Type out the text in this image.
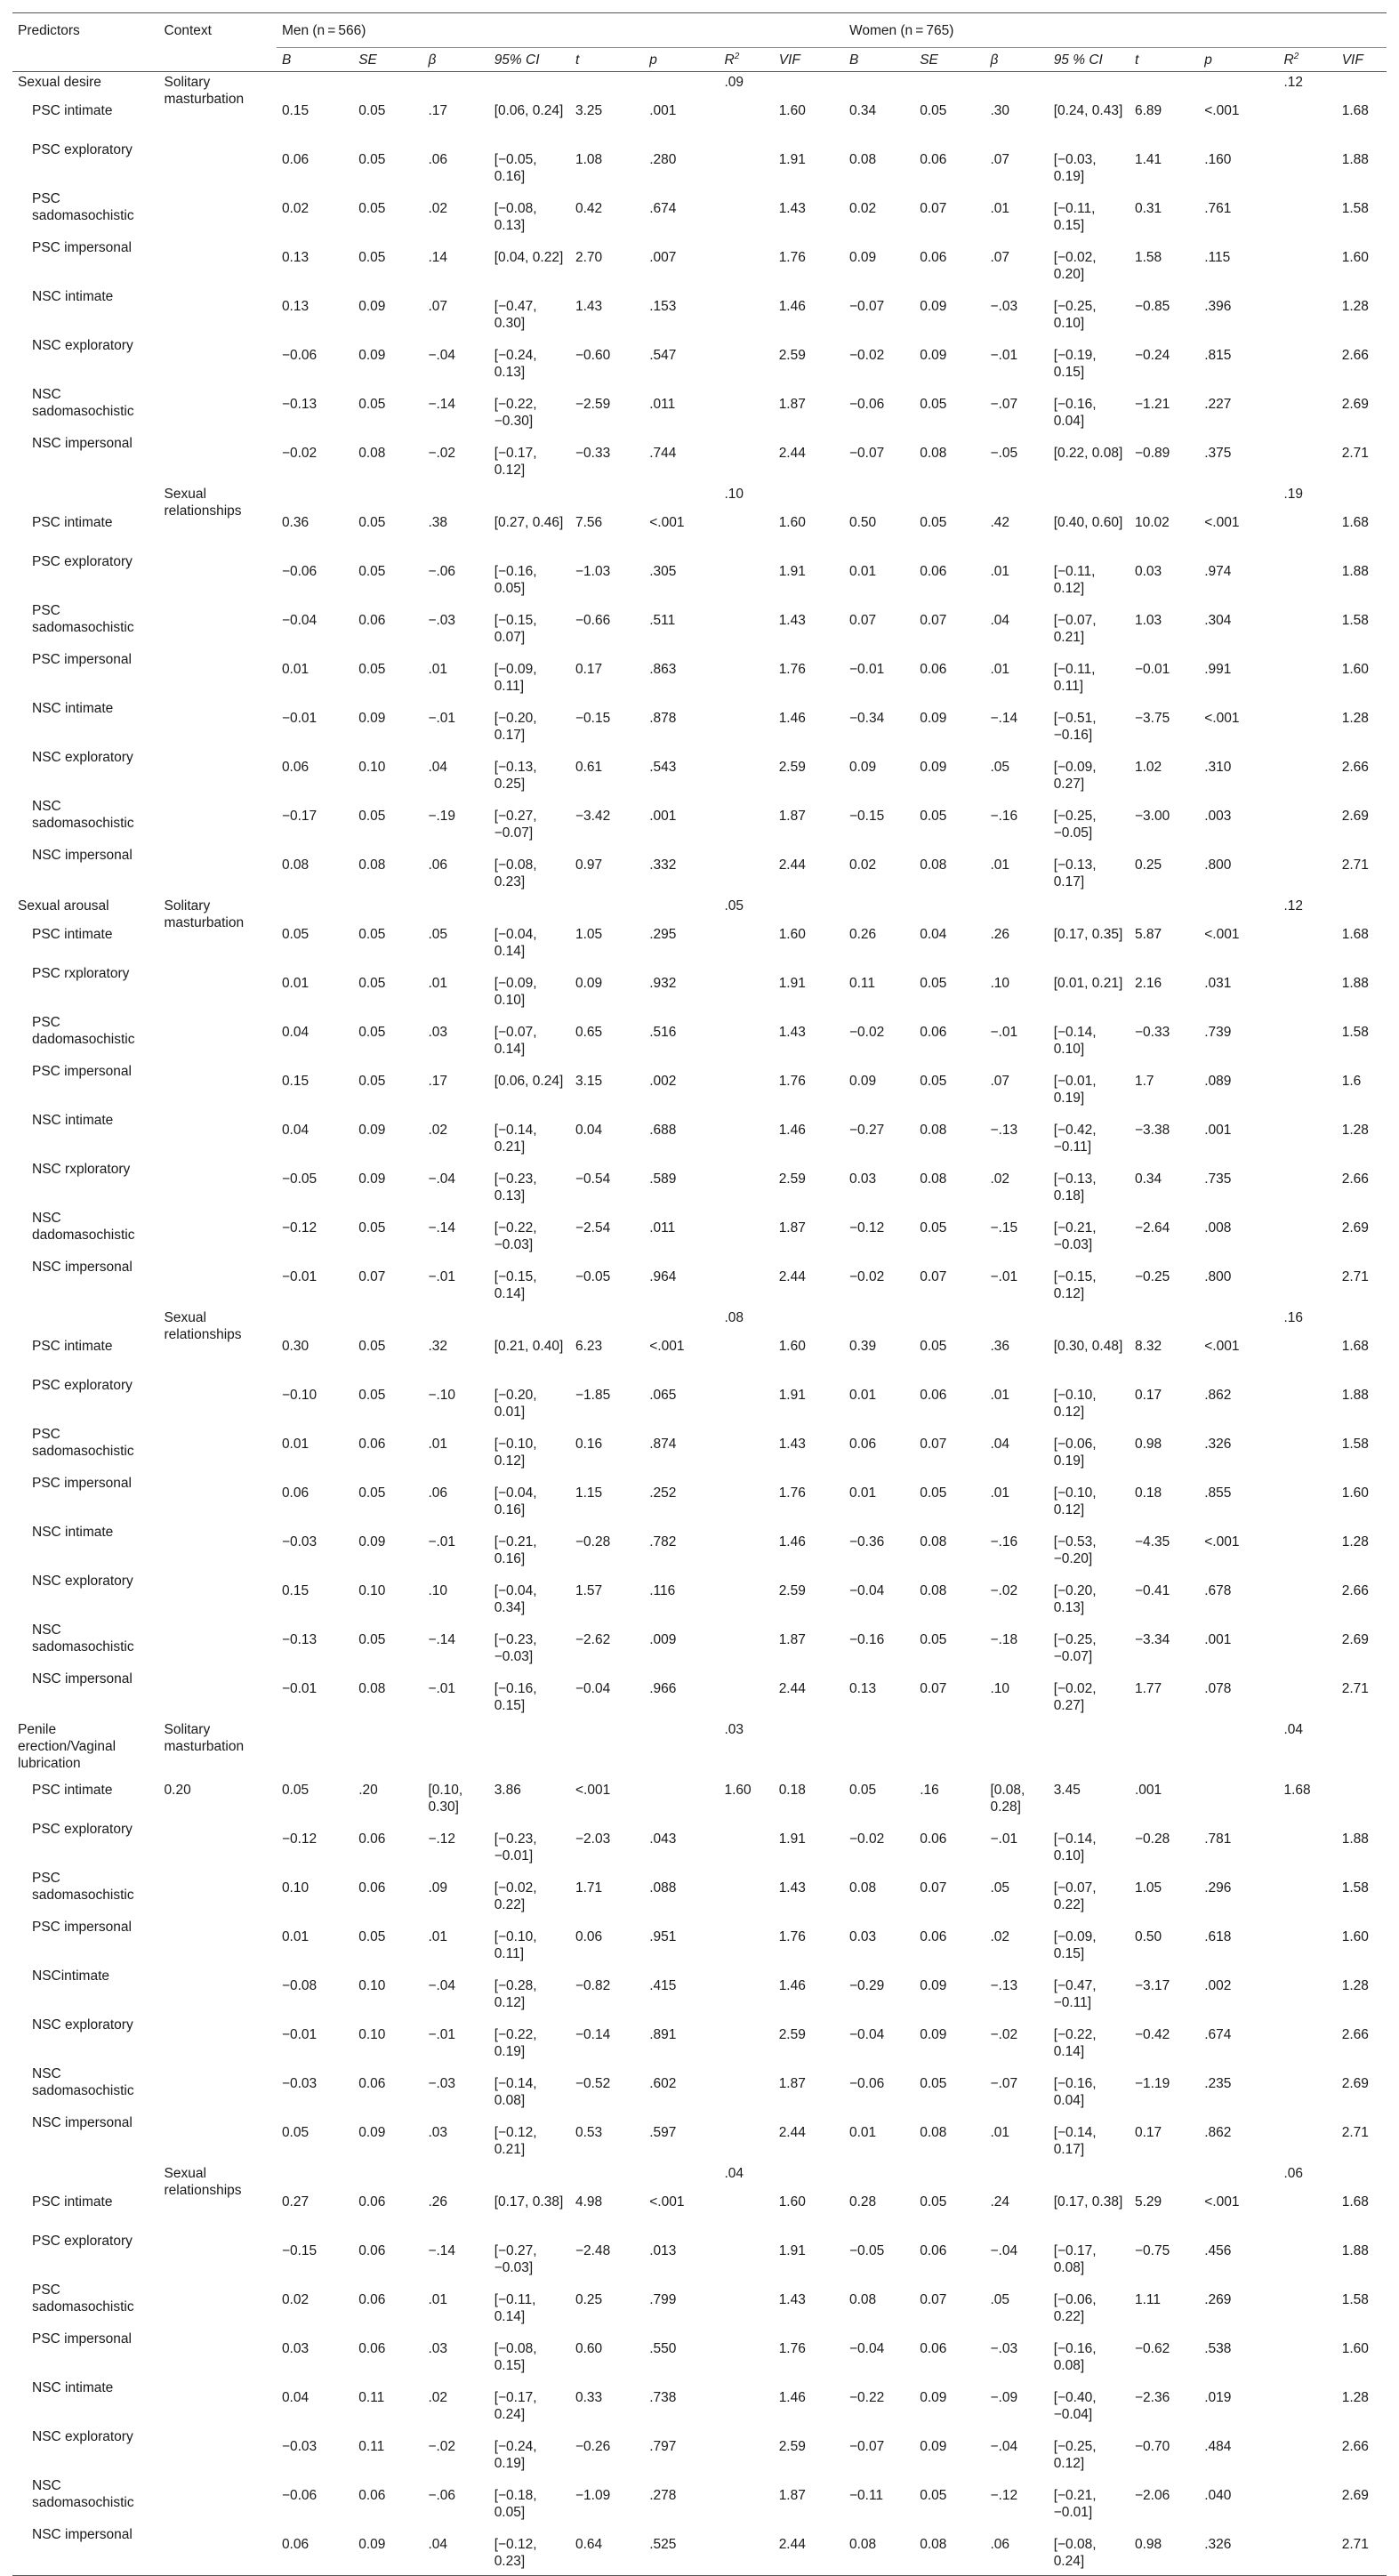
Predictors	Context	Men (n = 566)								Women (n = 765)							
		B	SE	β	95% CI	t	p	$R^2$	VIF	B	SE	β	95 % CI	t	p	$R^2$	VIF
Sexual desire	Solitary masturbation							.09								.12	
PSC intimate		0.15	0.05	.17	[0.06, 0.24]	3.25	.001		1.60	0.34	0.05	.30	[0.24, 0.43]	6.89	<.001		1.68
PSC exploratory		0.06	0.05	.06	[−0.05, 0.16]	1.08	.280		1.91	0.08	0.06	.07	[−0.03, 0.19]	1.41	.160		1.88
PSC sadomasochistic		0.02	0.05	.02	[−0.08, 0.13]	0.42	.674		1.43	0.02	0.07	.01	[−0.11, 0.15]	0.31	.761		1.58
PSC impersonal		0.13	0.05	.14	[0.04, 0.22]	2.70	.007		1.76	0.09	0.06	.07	[−0.02, 0.20]	1.58	.115		1.60
NSC intimate		0.13	0.09	.07	[−0.47, 0.30]	1.43	.153		1.46	−0.07	0.09	−.03	[−0.25, 0.10]	−0.85	.396		1.28
NSC exploratory		−0.06	0.09	−.04	[−0.24, 0.13]	−0.60	.547		2.59	−0.02	0.09	−.01	[−0.19, 0.15]	−0.24	.815		2.66
NSC sadomasochistic		−0.13	0.05	−.14	[−0.22, −0.30]	−2.59	.011		1.87	−0.06	0.05	−.07	[−0.16, 0.04]	−1.21	.227		2.69
NSC impersonal		−0.02	0.08	−.02	[−0.17, 0.12]	−0.33	.744		2.44	−0.07	0.08	−.05	[0.22, 0.08]	−0.89	.375		2.71
	Sexual relationships							.10								.19	
PSC intimate		0.36	0.05	.38	[0.27, 0.46]	7.56	<.001		1.60	0.50	0.05	.42	[0.40, 0.60]	10.02	<.001		1.68
PSC exploratory		−0.06	0.05	−.06	[−0.16, 0.05]	−1.03	.305		1.91	0.01	0.06	.01	[−0.11, 0.12]	0.03	.974		1.88
PSC sadomasochistic		−0.04	0.06	−.03	[−0.15, 0.07]	−0.66	.511		1.43	0.07	0.07	.04	[−0.07, 0.21]	1.03	.304		1.58
PSC impersonal		0.01	0.05	.01	[−0.09, 0.11]	0.17	.863		1.76	−0.01	0.06	.01	[−0.11, 0.11]	−0.01	.991		1.60
NSC intimate		−0.01	0.09	−.01	[−0.20, 0.17]	−0.15	.878		1.46	−0.34	0.09	−.14	[−0.51, −0.16]	−3.75	<.001		1.28
NSC exploratory		0.06	0.10	.04	[−0.13, 0.25]	0.61	.543		2.59	0.09	0.09	.05	[−0.09, 0.27]	1.02	.310		2.66
NSC sadomasochistic		−0.17	0.05	−.19	[−0.27, −0.07]	−3.42	.001		1.87	−0.15	0.05	−.16	[−0.25, −0.05]	−3.00	.003		2.69
NSC impersonal		0.08	0.08	.06	[−0.08, 0.23]	0.97	.332		2.44	0.02	0.08	.01	[−0.13, 0.17]	0.25	.800		2.71
Sexual arousal	Solitary masturbation							.05								.12	
PSC intimate		0.05	0.05	.05	[−0.04, 0.14]	1.05	.295		1.60	0.26	0.04	.26	[0.17, 0.35]	5.87	<.001		1.68
PSC rxploratory		0.01	0.05	.01	[−0.09, 0.10]	0.09	.932		1.91	0.11	0.05	.10	[0.01, 0.21]	2.16	.031		1.88
PSC dadomasochistic		0.04	0.05	.03	[−0.07, 0.14]	0.65	.516		1.43	−0.02	0.06	−.01	[−0.14, 0.10]	−0.33	.739		1.58
PSC impersonal		0.15	0.05	.17	[0.06, 0.24]	3.15	.002		1.76	0.09	0.05	.07	[−0.01, 0.19]	1.7	.089		1.6
NSC intimate		0.04	0.09	.02	[−0.14, 0.21]	0.04	.688		1.46	−0.27	0.08	−.13	[−0.42, −0.11]	−3.38	.001		1.28
NSC rxploratory		−0.05	0.09	−.04	[−0.23, 0.13]	−0.54	.589		2.59	0.03	0.08	.02	[−0.13, 0.18]	0.34	.735		2.66
NSC dadomasochistic		−0.12	0.05	−.14	[−0.22, −0.03]	−2.54	.011		1.87	−0.12	0.05	−.15	[−0.21, −0.03]	−2.64	.008		2.69
NSC impersonal		−0.01	0.07	−.01	[−0.15, 0.14]	−0.05	.964		2.44	−0.02	0.07	−.01	[−0.15, 0.12]	−0.25	.800		2.71
	Sexual relationships							.08								.16	
PSC intimate		0.30	0.05	.32	[0.21, 0.40]	6.23	<.001		1.60	0.39	0.05	.36	[0.30, 0.48]	8.32	<.001		1.68
PSC exploratory		−0.10	0.05	−.10	[−0.20, 0.01]	−1.85	.065		1.91	0.01	0.06	.01	[−0.10, 0.12]	0.17	.862		1.88
PSC sadomasochistic		0.01	0.06	.01	[−0.10, 0.12]	0.16	.874		1.43	0.06	0.07	.04	[−0.06, 0.19]	0.98	.326		1.58
PSC impersonal		0.06	0.05	.06	[−0.04, 0.16]	1.15	.252		1.76	0.01	0.05	.01	[−0.10, 0.12]	0.18	.855		1.60
NSC intimate		−0.03	0.09	−.01	[−0.21, 0.16]	−0.28	.782		1.46	−0.36	0.08	−.16	[−0.53, −0.20]	−4.35	<.001		1.28
NSC exploratory		0.15	0.10	.10	[−0.04, 0.34]	1.57	.116		2.59	−0.04	0.08	−.02	[−0.20, 0.13]	−0.41	.678		2.66
NSC sadomasochistic		−0.13	0.05	−.14	[−0.23, −0.03]	−2.62	.009		1.87	−0.16	0.05	−.18	[−0.25, −0.07]	−3.34	.001		2.69
NSC impersonal		−0.01	0.08	−.01	[−0.16, 0.15]	−0.04	.966		2.44	0.13	0.07	.10	[−0.02, 0.27]	1.77	.078		2.71
Penile erection/Vaginal lubrication	Solitary masturbation							.03								.04	

PSC intimate	0.20	0.05	.20	[0.10, 0.30]	3.86	<.001		1.60	0.18	0.05	.16	[0.08, 0.28]	3.45	.001		1.68	
PSC exploratory		−0.12	0.06	−.12	[−0.23, −0.01]	−2.03	.043		1.91	−0.02	0.06	−.01	[−0.14, 0.10]	−0.28	.781		1.88
PSC sadomasochistic		0.10	0.06	.09	[−0.02, 0.22]	1.71	.088		1.43	0.08	0.07	.05	[−0.07, 0.22]	1.05	.296		1.58
PSC impersonal		0.01	0.05	.01	[−0.10, 0.11]	0.06	.951		1.76	0.03	0.06	.02	[−0.09, 0.15]	0.50	.618		1.60
NSCintimate		−0.08	0.10	−.04	[−0.28, 0.12]	−0.82	.415		1.46	−0.29	0.09	−.13	[−0.47, −0.11]	−3.17	.002		1.28
NSC exploratory		−0.01	0.10	−.01	[−0.22, 0.19]	−0.14	.891		2.59	−0.04	0.09	−.02	[−0.22, 0.14]	−0.42	.674		2.66
NSC sadomasochistic		−0.03	0.06	−.03	[−0.14, 0.08]	−0.52	.602		1.87	−0.06	0.05	−.07	[−0.16, 0.04]	−1.19	.235		2.69
NSC impersonal		0.05	0.09	.03	[−0.12, 0.21]	0.53	.597		2.44	0.01	0.08	.01	[−0.14, 0.17]	0.17	.862		2.71
	Sexual relationships							.04								.06	
PSC intimate		0.27	0.06	.26	[0.17, 0.38]	4.98	<.001		1.60	0.28	0.05	.24	[0.17, 0.38]	5.29	<.001		1.68
PSC exploratory		−0.15	0.06	−.14	[−0.27, −0.03]	−2.48	.013		1.91	−0.05	0.06	−.04	[−0.17, 0.08]	−0.75	.456		1.88
PSC sadomasochistic		0.02	0.06	.01	[−0.11, 0.14]	0.25	.799		1.43	0.08	0.07	.05	[−0.06, 0.22]	1.11	.269		1.58
PSC impersonal		0.03	0.06	.03	[−0.08, 0.15]	0.60	.550		1.76	−0.04	0.06	−.03	[−0.16, 0.08]	−0.62	.538		1.60
NSC intimate		0.04	0.11	.02	[−0.17, 0.24]	0.33	.738		1.46	−0.22	0.09	−.09	[−0.40, −0.04]	−2.36	.019		1.28
NSC exploratory		−0.03	0.11	−.02	[−0.24, 0.19]	−0.26	.797		2.59	−0.07	0.09	−.04	[−0.25, 0.12]	−0.70	.484		2.66
NSC sadomasochistic		−0.06	0.06	−.06	[−0.18, 0.05]	−1.09	.278		1.87	−0.11	0.05	−.12	[−0.21, −0.01]	−2.06	.040		2.69
NSC impersonal		0.06	0.09	.04	[−0.12, 0.23]	0.64	.525		2.44	0.08	0.08	.06	[−0.08, 0.24]	0.98	.326		2.71
